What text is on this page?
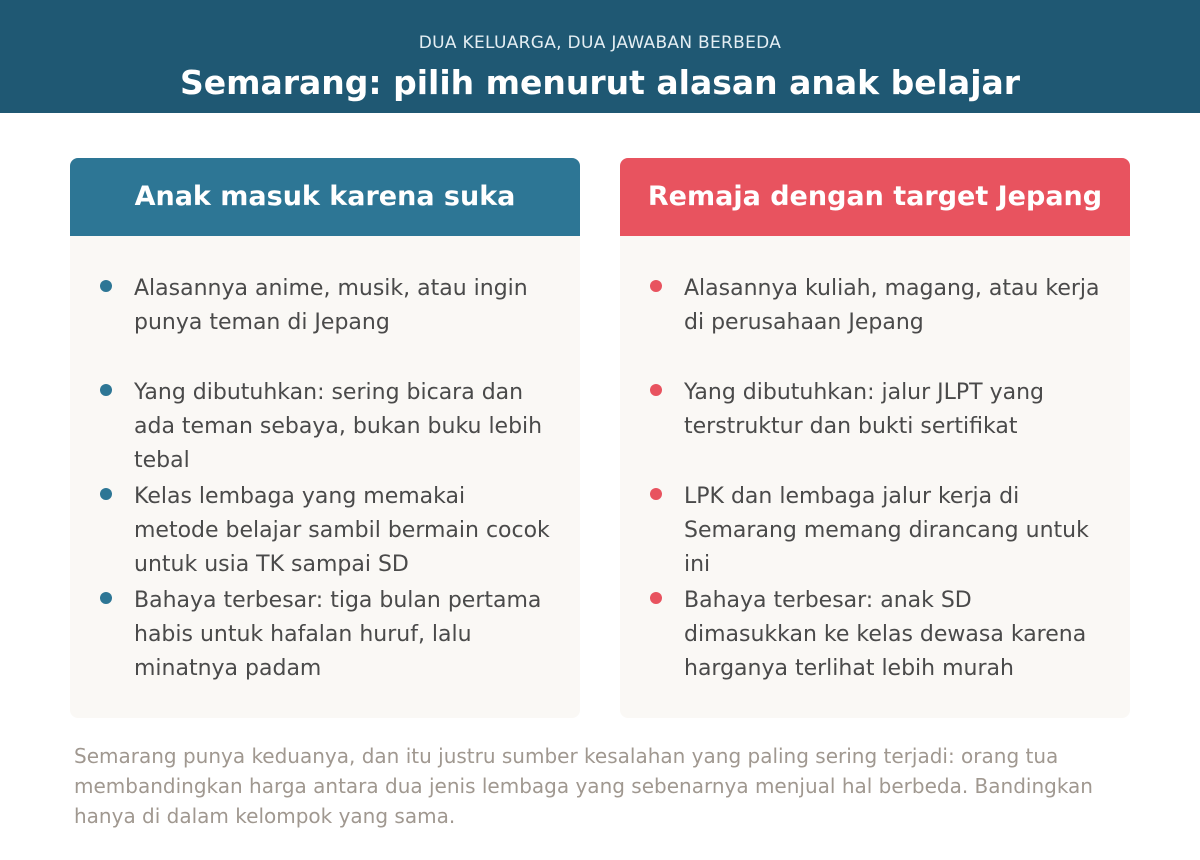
DUA KELUARGA, DUA JAWABAN BERBEDA
Semarang: pilih menurut alasan anak belajar
Anak masuk karena suka
Alasannya anime, musik, atau ingin punya teman di Jepang
Yang dibutuhkan: sering bicara dan ada teman sebaya, bukan buku lebih tebal
Kelas lembaga yang memakai metode belajar sambil bermain cocok untuk usia TK sampai SD
Bahaya terbesar: tiga bulan pertama habis untuk hafalan huruf, lalu minatnya padam
Remaja dengan target Jepang
Alasannya kuliah, magang, atau kerja di perusahaan Jepang
Yang dibutuhkan: jalur JLPT yang terstruktur dan bukti sertifikat
LPK dan lembaga jalur kerja di Semarang memang dirancang untuk ini
Bahaya terbesar: anak SD dimasukkan ke kelas dewasa karena harganya terlihat lebih murah
Semarang punya keduanya, dan itu justru sumber kesalahan yang paling sering terjadi: orang tua membandingkan harga antara dua jenis lembaga yang sebenarnya menjual hal berbeda. Bandingkan hanya di dalam kelompok yang sama.
